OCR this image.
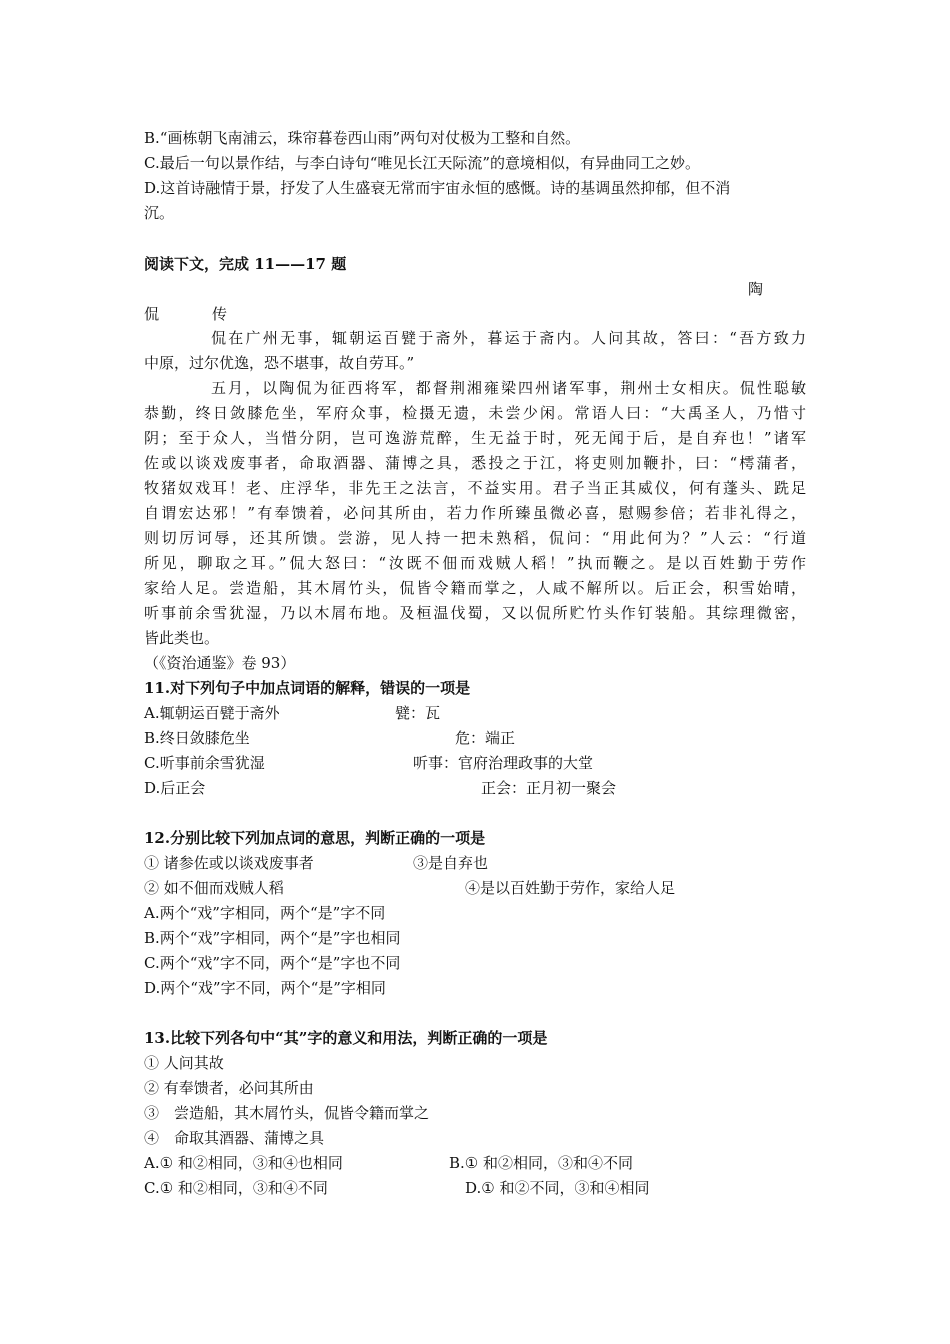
B.“画栋朝飞南浦云，珠帘暮卷西山雨”两句对仗极为工整和自然。
C.最后一句以景作结，与李白诗句“唯见长江天际流”的意境相似，有异曲同工之妙。
D.这首诗融情于景，抒发了人生盛衰无常而宇宙永恒的感慨。诗的基调虽然抑郁，但不消
沉。
阅读下文，完成 11——17 题
陶
侃	传
侃在广州无事，辄朝运百甓于斋外，暮运于斋内。人问其故，答曰：“吾方致力
中原，过尔优逸，恐不堪事，故自劳耳。”
五月，以陶侃为征西将军，都督荆湘雍梁四州诸军事，荆州士女相庆。侃性聪敏
恭勤，终日敛膝危坐，军府众事，检摄无遗，未尝少闲。常语人曰：“大禹圣人，乃惜寸
阴；至于众人，当惜分阴，岂可逸游荒醉，生无益于时，死无闻于后，是自弃也！”诸军
佐或以谈戏废事者，命取酒器、蒲博之具，悉投之于江，将吏则加鞭扑，曰：“樗蒲者，
牧猪奴戏耳！老、庄浮华，非先王之法言，不益实用。君子当正其威仪，何有蓬头、跣足
自谓宏达邪！”有奉馈着，必问其所由，若力作所臻虽微必喜，慰赐参倍；若非礼得之，
则切厉诃辱，还其所馈。尝游，见人持一把未熟稻，侃问：“用此何为？”人云：“行道
所见，聊取之耳。”侃大怒曰：“汝既不佃而戏贼人稻！”执而鞭之。是以百姓勤于劳作
家给人足。尝造船，其木屑竹头，侃皆令籍而掌之，人咸不解所以。后正会，积雪始晴，
听事前余雪犹湿，乃以木屑布地。及桓温伐蜀，又以侃所贮竹头作钉装船。其综理微密，
皆此类也。
（《资治通鉴》卷 93）
11.对下列句子中加点词语的解释，错误的一项是
A.辄朝运百甓于斋外	甓：瓦
B.终日敛膝危坐	危：端正
C.听事前余雪犹湿	听事：官府治理政事的大堂
D.后正会	正会：正月初一聚会
12.分别比较下列加点词的意思，判断正确的一项是
① 诸参佐或以谈戏废事者	③是自弃也
② 如不佃而戏贼人稻	④是以百姓勤于劳作，家给人足
A.两个“戏”字相同，两个“是”字不同
B.两个“戏”字相同，两个“是”字也相同
C.两个“戏”字不同，两个“是”字也不同
D.两个“戏”字不同，两个“是”字相同
13.比较下列各句中“其”字的意义和用法，判断正确的一项是
① 人问其故
② 有奉馈者，必问其所由
③　尝造船，其木屑竹头，侃皆令籍而掌之
④　命取其酒器、蒲博之具
A.① 和②相同，③和④也相同	B.① 和②相同，③和④不同
C.① 和②相同，③和④不同	D.① 和②不同，③和④相同
